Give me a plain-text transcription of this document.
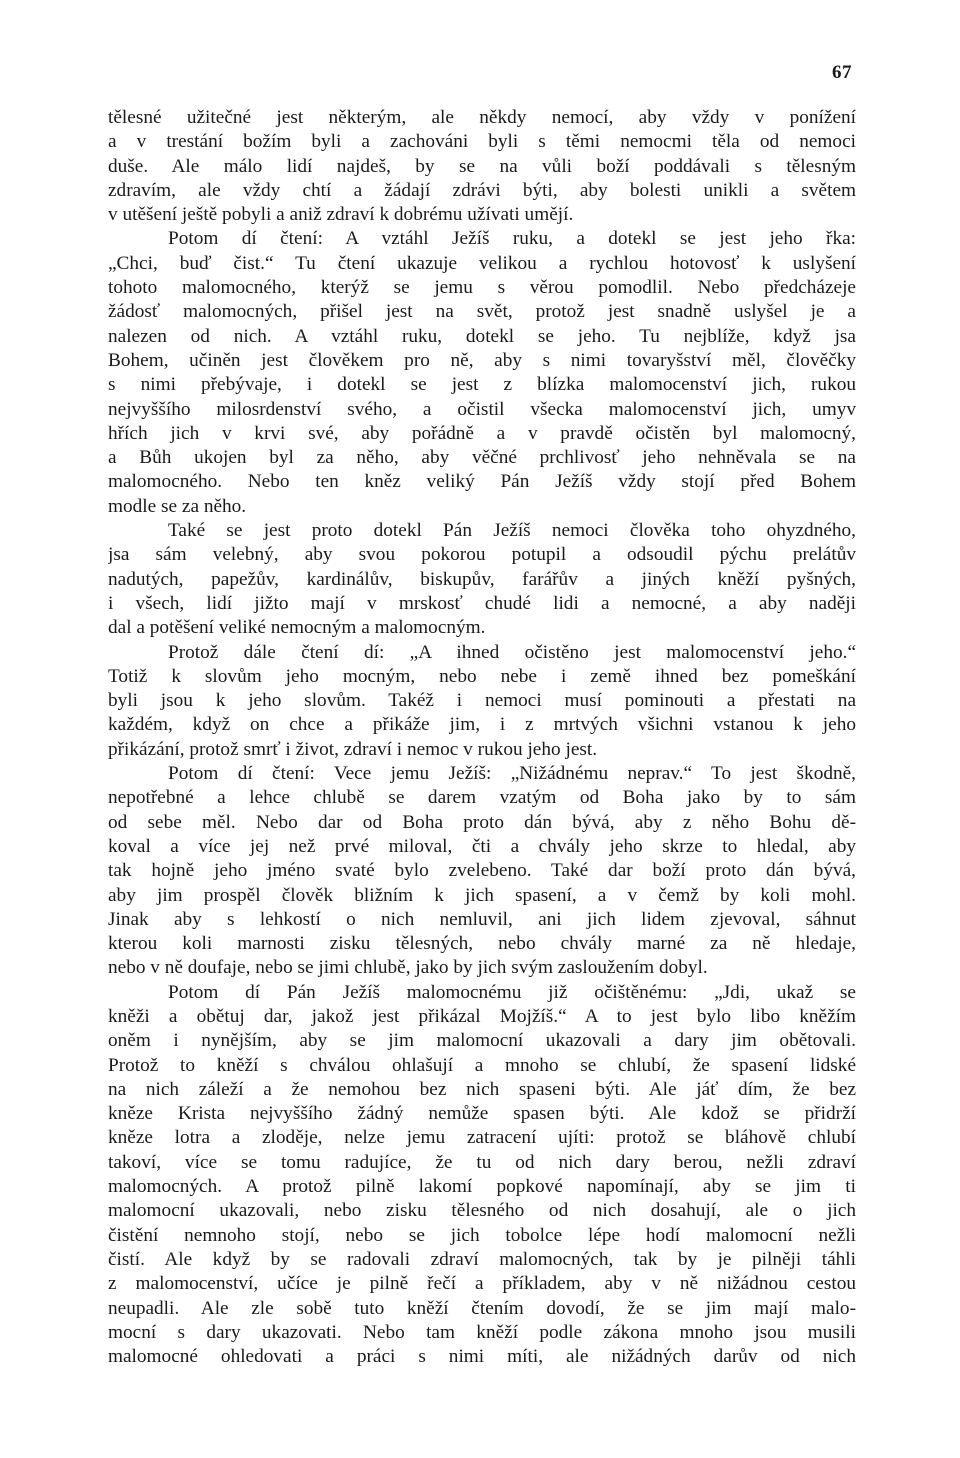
67
tělesné užitečné jest některým, ale někdy nemocí, aby vždy v ponížení
a v trestání božím byli a zachováni byli s těmi nemocmi těla od nemoci
duše. Ale málo lidí najdeš, by se na vůli boží poddávali s tělesným
zdravím, ale vždy chtí a žádají zdrávi býti, aby bolesti unikli a světem
v utěšení ještě pobyli a aniž zdraví k dobrému užívati umějí.
Potom dí čtení: A vztáhl Ježíš ruku, a dotekl se jest jeho řka:
„Chci, buď čist.“ Tu čtení ukazuje velikou a rychlou hotovosť k uslyšení
tohoto malomocného, kterýž se jemu s věrou pomodlil. Nebo předcházeje
žádosť malomocných, přišel jest na svět, protož jest snadně uslyšel je a
nalezen od nich. A vztáhl ruku, dotekl se jeho. Tu nejblíže, když jsa
Bohem, učiněn jest člověkem pro ně, aby s nimi tovaryšství měl, člověčky
s nimi přebývaje, i dotekl se jest z blízka malomocenství jich, rukou
nejvyššího milosrdenství svého, a očistil všecka malomocenství jich, umyv
hřích jich v krvi své, aby pořádně a v pravdě očistěn byl malomocný,
a Bůh ukojen byl za něho, aby věčné prchlivosť jeho nehněvala se na
malomocného. Nebo ten kněz veliký Pán Ježíš vždy stojí před Bohem
modle se za něho.
Také se jest proto dotekl Pán Ježíš nemoci člověka toho ohyzdného,
jsa sám velebný, aby svou pokorou potupil a odsoudil pýchu prelátův
nadutých, papežův, kardinálův, biskupův, farářův a jiných kněží pyšných,
i všech, lidí jižto mají v mrskosť chudé lidi a nemocné, a aby naději
dal a potěšení veliké nemocným a malomocným.
Protož dále čtení dí: „A ihned očistěno jest malomocenství jeho.“
Totiž k slovům jeho mocným, nebo nebe i země ihned bez pomeškání
byli jsou k jeho slovům. Takéž i nemoci musí pominouti a přestati na
každém, když on chce a přikáže jim, i z mrtvých všichni vstanou k jeho
přikázání, protož smrť i život, zdraví i nemoc v rukou jeho jest.
Potom dí čtení: Vece jemu Ježíš: „Nižádnému neprav.“ To jest škodně,
nepotřebné a lehce chlubě se darem vzatým od Boha jako by to sám
od sebe měl. Nebo dar od Boha proto dán bývá, aby z něho Bohu dě-
koval a více jej než prvé miloval, čti a chvály jeho skrze to hledal, aby
tak hojně jeho jméno svaté bylo zvelebeno. Také dar boží proto dán bývá,
aby jim prospěl člověk bližním k jich spasení, a v čemž by koli mohl.
Jinak aby s lehkostí o nich nemluvil, ani jich lidem zjevoval, sáhnut
kterou koli marnosti zisku tělesných, nebo chvály marné za ně hledaje,
nebo v ně doufaje, nebo se jimi chlubě, jako by jich svým zasloužením dobyl.
Potom dí Pán Ježíš malomocnému již očištěnému: „Jdi, ukaž se
kněži a obětuj dar, jakož jest přikázal Mojžíš.“ A to jest bylo libo kněžím
oněm i nynějším, aby se jim malomocní ukazovali a dary jim obětovali.
Protož to kněží s chválou ohlašují a mnoho se chlubí, že spasení lidské
na nich záleží a že nemohou bez nich spaseni býti. Ale jáť dím, že bez
kněze Krista nejvyššího žádný nemůže spasen býti. Ale kdož se přidrží
kněze lotra a zloděje, nelze jemu zatracení ujíti: protož se bláhově chlubí
takoví, více se tomu radujíce, že tu od nich dary berou, nežli zdraví
malomocných. A protož pilně lakomí popkové napomínají, aby se jim ti
malomocní ukazovali, nebo zisku tělesného od nich dosahují, ale o jich
čistění nemnoho stojí, nebo se jich tobolce lépe hodí malomocní nežli
čistí. Ale když by se radovali zdraví malomocných, tak by je pilněji táhli
z malomocenství, učíce je pilně řečí a příkladem, aby v ně nižádnou cestou
neupadli. Ale zle sobě tuto kněží čtením dovodí, že se jim mají malo-
mocní s dary ukazovati. Nebo tam kněží podle zákona mnoho jsou musili
malomocné ohledovati a práci s nimi míti, ale nižádných darův od nich
